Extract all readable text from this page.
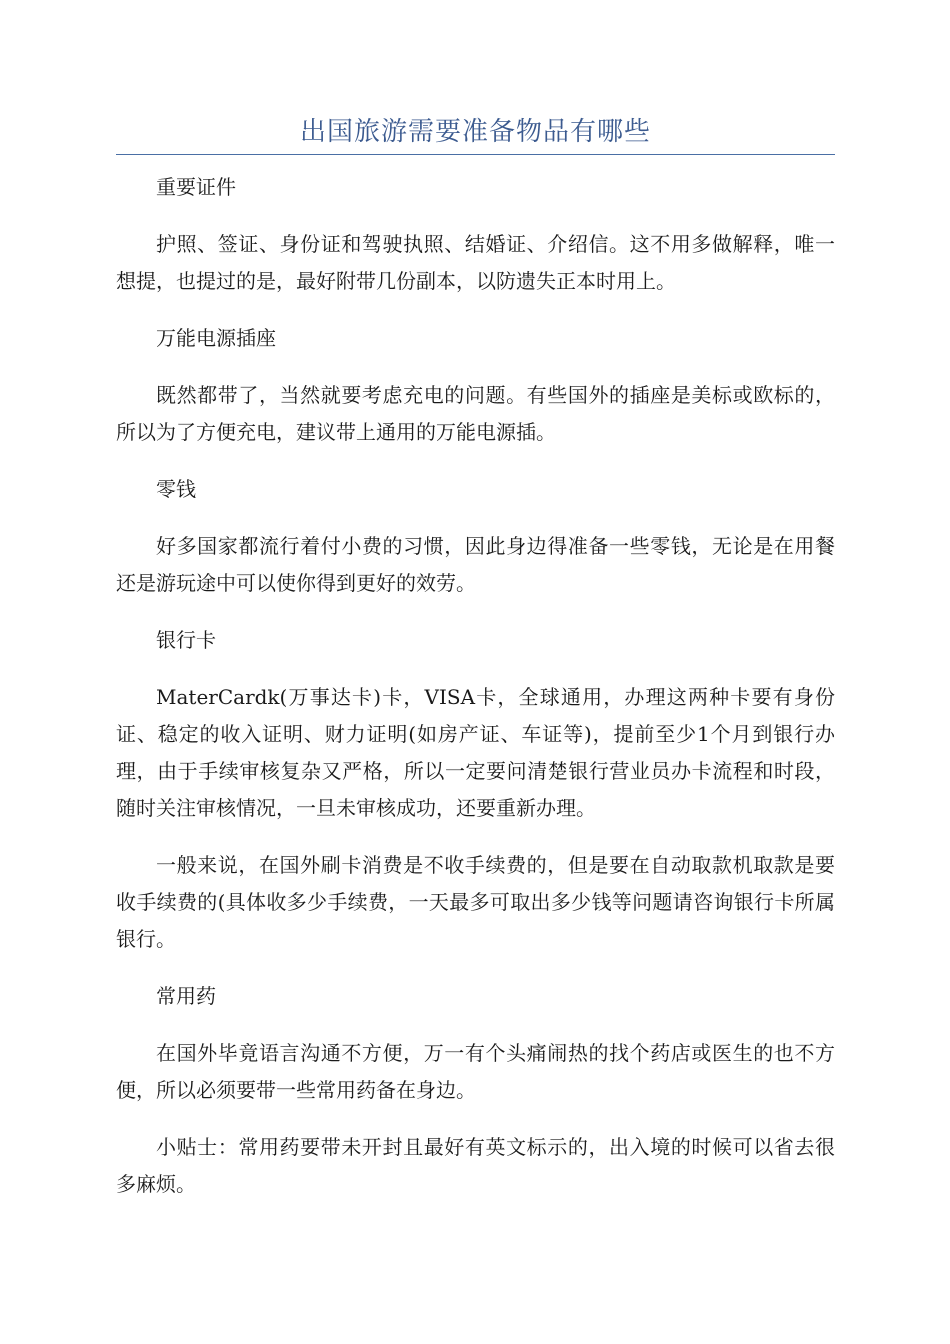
出国旅游需要准备物品有哪些

重要证件

护照、签证、身份证和驾驶执照、结婚证、介绍信。这不用多做解释，唯一想提，也提过的是，最好附带几份副本，以防遗失正本时用上。

万能电源插座

既然都带了，当然就要考虑充电的问题。有些国外的插座是美标或欧标的，所以为了方便充电，建议带上通用的万能电源插。

零钱

好多国家都流行着付小费的习惯，因此身边得准备一些零钱，无论是在用餐还是游玩途中可以使你得到更好的效劳。

银行卡

MaterCardk(万事达卡)卡，VISA卡，全球通用，办理这两种卡要有身份证、稳定的收入证明、财力证明(如房产证、车证等)，提前至少1个月到银行办理，由于手续审核复杂又严格，所以一定要问清楚银行营业员办卡流程和时段，随时关注审核情况，一旦未审核成功，还要重新办理。

一般来说，在国外刷卡消费是不收手续费的，但是要在自动取款机取款是要收手续费的(具体收多少手续费，一天最多可取出多少钱等问题请咨询银行卡所属银行。

常用药

在国外毕竟语言沟通不方便，万一有个头痛闹热的找个药店或医生的也不方便，所以必须要带一些常用药备在身边。

小贴士：常用药要带未开封且最好有英文标示的，出入境的时候可以省去很多麻烦。
